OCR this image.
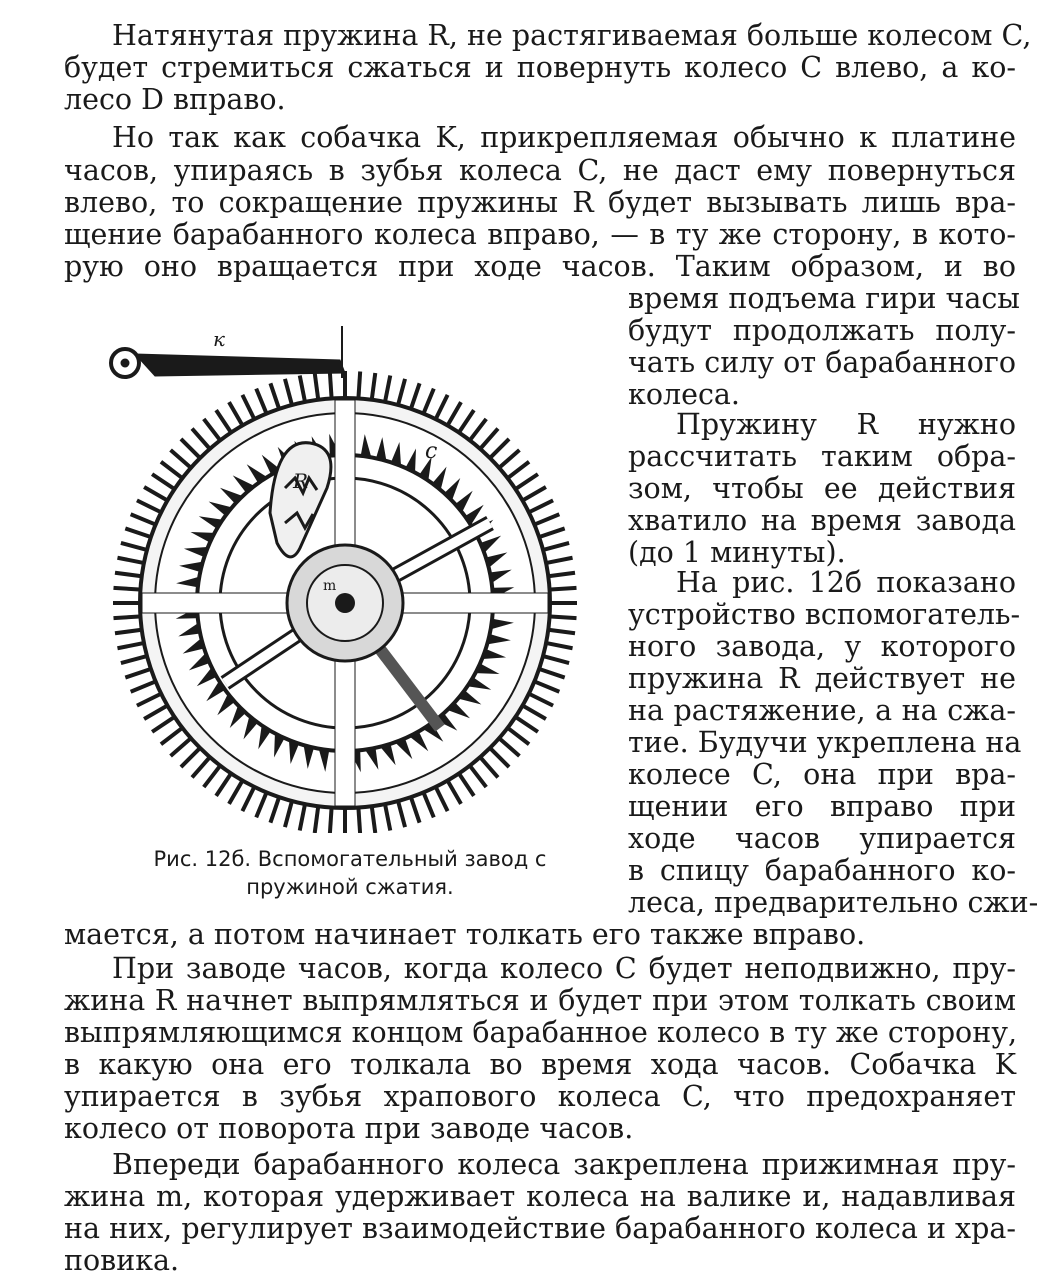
Натянутая пружина R, не растягиваемая больше колесом C,
будет стремиться сжаться и повернуть колесо C влево, а ко-
лесо D вправо.
Но так как собачка K, прикрепляемая обычно к платине
часов, упираясь в зубья колеса C, не даст ему повернуться
влево, то сокращение пружины R будет вызывать лишь вра-
щение барабанного колеса вправо, — в ту же сторону, в кото-
рую оно вращается при ходе часов. Таким образом, и во
время подъема гири часы
будут продолжать полу-
чать силу от барабанного
колеса.
Пружину R нужно
рассчитать таким обра-
зом, чтобы ее действия
хватило на время завода
(до 1 минуты).
На рис. 12б показано
устройство вспомогатель-
ного завода, у которого
пружина R действует не
на растяжение, а на сжа-
тие. Будучи укреплена на
колесе C, она при вра-
щении его вправо при
ходе часов упирается
в спицу барабанного ко-
леса, предварительно сжи-
мается, а потом начинает толкать его также вправо.
При заводе часов, когда колесо C будет неподвижно, пру-
жина R начнет выпрямляться и будет при этом толкать своим
выпрямляющимся концом барабанное колесо в ту же сторону,
в какую она его толкала во время хода часов. Собачка K
упирается в зубья храпового колеса C, что предохраняет
колесо от поворота при заводе часов.
Впереди барабанного колеса закреплена прижимная пру-
жина m, которая удерживает колеса на валике и, надавливая
на них, регулирует взаимодействие барабанного колеса и хра-
повика.
к
c
R
m
Рис. 12б. Вспомогательный завод с
пружиной сжатия.
